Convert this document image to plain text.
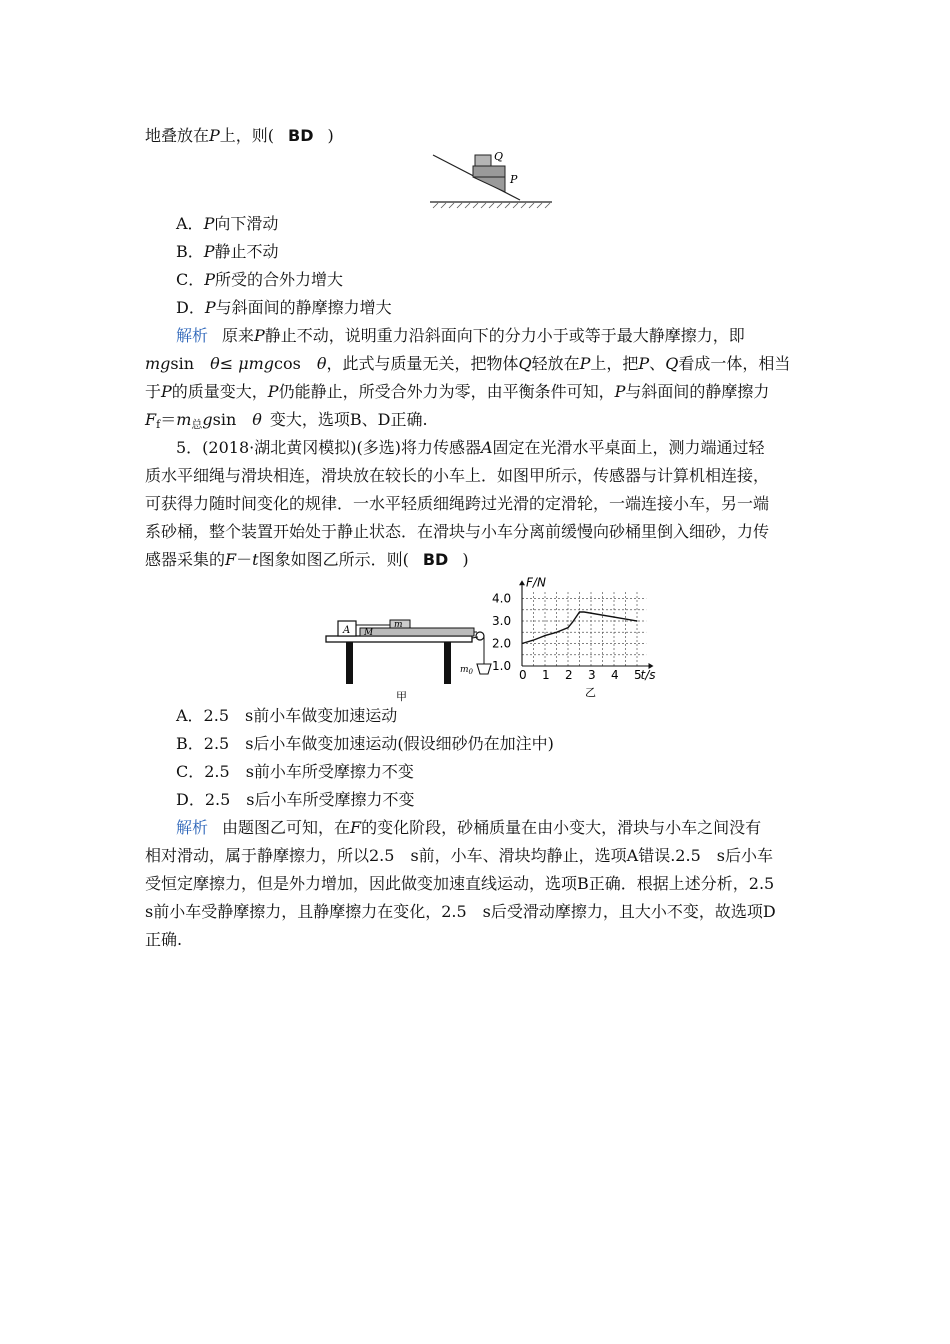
地叠放在P上，则( BD )
Q
P
A．P向下滑动
B．P静止不动
C．P所受的合外力增大
D．P与斜面间的静摩擦力增大
解析 原来P静止不动，说明重力沿斜面向下的分力小于或等于最大静摩擦力，即
mgsin　θ≤ μmgcos　θ，此式与质量无关，把物体Q轻放在P上，把P、Q看成一体，相当
于P的质量变大，P仍能静止，所受合外力为零，由平衡条件可知，P与斜面间的静摩擦力
$F_f=m_总gsin$　θ 变大，选项B、D正确.
5．(2018·湖北黄冈模拟)(多选)将力传感器A固定在光滑水平桌面上，测力端通过轻
质水平细绳与滑块相连，滑块放在较长的小车上．如图甲所示，传感器与计算机相连接，
可获得力随时间变化的规律．一水平轻质细绳跨过光滑的定滑轮，一端连接小车，另一端
系砂桶，整个装置开始处于静止状态．在滑块与小车分离前缓慢向砂桶里倒入细砂，力传
感器采集的F－t图象如图乙所示．则( BD )
A M
m
$m_0$
甲
0 1 2 3 4 5
1.0
2.0
3.0
4.0
F/N
t/s
乙
A．2.5　s前小车做变加速运动
B．2.5　s后小车做变加速运动(假设细砂仍在加注中)
C．2.5　s前小车所受摩擦力不变
D．2.5　s后小车所受摩擦力不变
解析 由题图乙可知，在F的变化阶段，砂桶质量在由小变大，滑块与小车之间没有
相对滑动，属于静摩擦力，所以2.5　s前，小车、滑块均静止，选项A错误.2.5　s后小车
受恒定摩擦力，但是外力增加，因此做变加速直线运动，选项B正确．根据上述分析，2.5
s前小车受静摩擦力，且静摩擦力在变化，2.5　s后受滑动摩擦力，且大小不变，故选项D
正确.
